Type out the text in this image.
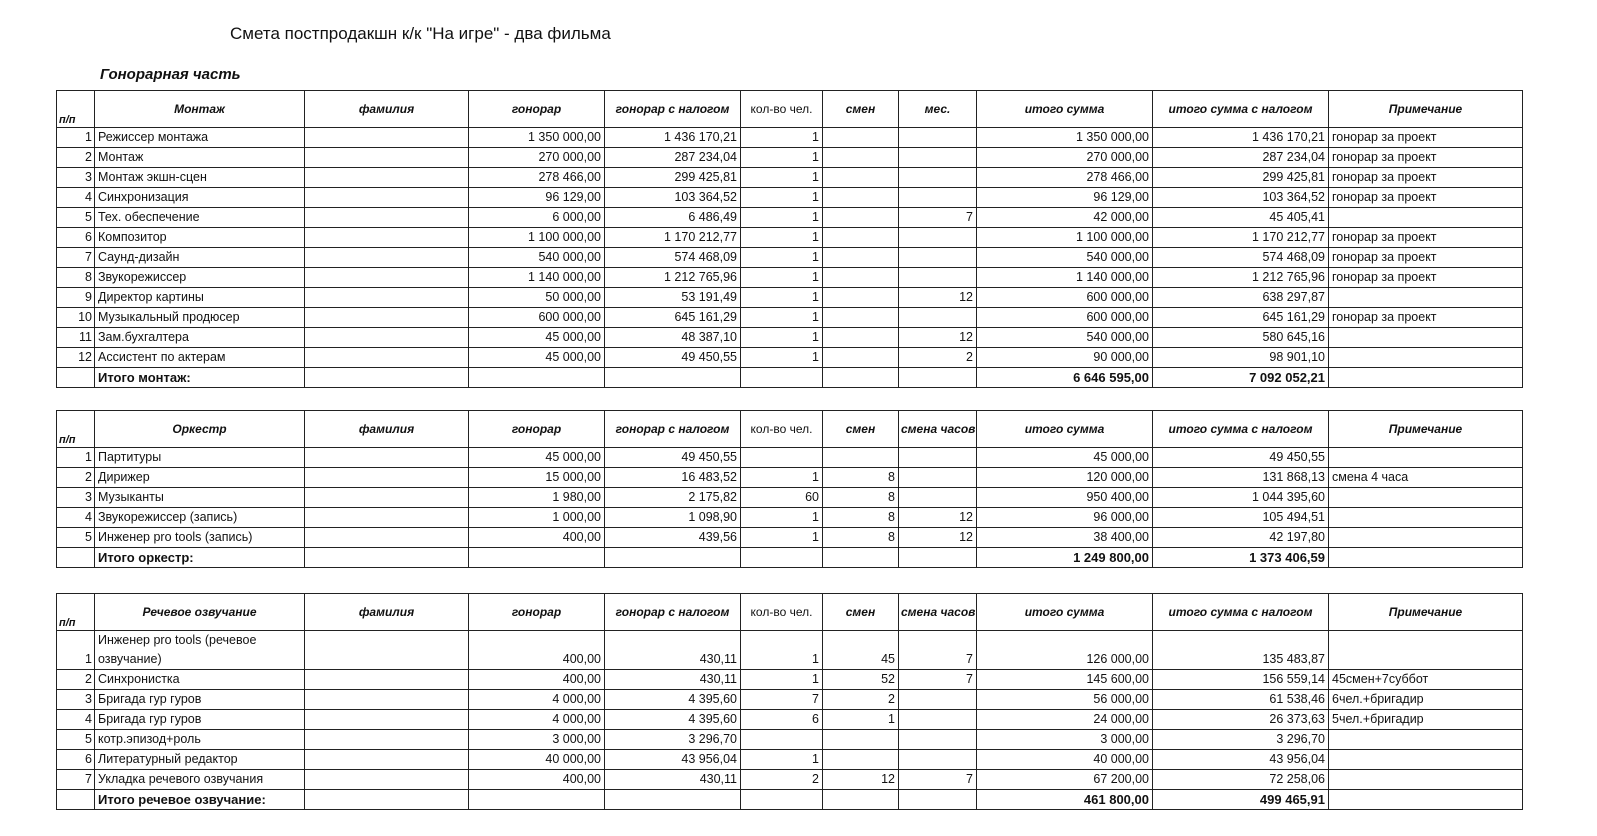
Смета постпродакшн к/к "На игре" - два фильма
Гонорарная часть
п/п	Монтаж	фамилия	гонорар	гонорар с налогом	кол-во чел.	смен	мес.	итого сумма	итого сумма с налогом	Примечание
1	Режиссер монтажа		1 350 000,00	1 436 170,21	1			1 350 000,00	1 436 170,21	гонорар за проект
2	Монтаж		270 000,00	287 234,04	1			270 000,00	287 234,04	гонорар за проект
3	Монтаж экшн-сцен		278 466,00	299 425,81	1			278 466,00	299 425,81	гонорар за проект
4	Синхронизация		96 129,00	103 364,52	1			96 129,00	103 364,52	гонорар за проект
5	Тех. обеспечение		6 000,00	6 486,49	1		7	42 000,00	45 405,41	
6	Композитор		1 100 000,00	1 170 212,77	1			1 100 000,00	1 170 212,77	гонорар за проект
7	Саунд-дизайн		540 000,00	574 468,09	1			540 000,00	574 468,09	гонорар за проект
8	Звукорежиссер		1 140 000,00	1 212 765,96	1			1 140 000,00	1 212 765,96	гонорар за проект
9	Директор картины		50 000,00	53 191,49	1		12	600 000,00	638 297,87	
10	Музыкальный продюсер		600 000,00	645 161,29	1			600 000,00	645 161,29	гонорар за проект
11	Зам.бухгалтера		45 000,00	48 387,10	1		12	540 000,00	580 645,16	
12	Ассистент по актерам		45 000,00	49 450,55	1		2	90 000,00	98 901,10	
	Итого монтаж:							6 646 595,00	7 092 052,21	
п/п	Оркестр	фамилия	гонорар	гонорар с налогом	кол-во чел.	смен	смена часов	итого сумма	итого сумма с налогом	Примечание
1	Партитуры		45 000,00	49 450,55				45 000,00	49 450,55	
2	Дирижер		15 000,00	16 483,52	1	8		120 000,00	131 868,13	смена 4 часа
3	Музыканты		1 980,00	2 175,82	60	8		950 400,00	1 044 395,60	
4	Звукорежиссер (запись)		1 000,00	1 098,90	1	8	12	96 000,00	105 494,51	
5	Инженер pro tools (запись)		400,00	439,56	1	8	12	38 400,00	42 197,80	
	Итого оркестр:							1 249 800,00	1 373 406,59	
п/п	Речевое озвучание	фамилия	гонорар	гонорар с налогом	кол-во чел.	смен	смена часов	итого сумма	итого сумма с налогом	Примечание
1	Инженер pro tools (речевое озвучание)		400,00	430,11	1	45	7	126 000,00	135 483,87	
2	Синхронистка		400,00	430,11	1	52	7	145 600,00	156 559,14	45смен+7суббот
3	Бригада гур гуров		4 000,00	4 395,60	7	2		56 000,00	61 538,46	6чел.+бригадир
4	Бригада гур гуров		4 000,00	4 395,60	6	1		24 000,00	26 373,63	5чел.+бригадир
5	котр.эпизод+роль		3 000,00	3 296,70				3 000,00	3 296,70	
6	Литературный редактор		40 000,00	43 956,04	1			40 000,00	43 956,04	
7	Укладка речевого озвучания		400,00	430,11	2	12	7	67 200,00	72 258,06	
	Итого речевое озвучание:							461 800,00	499 465,91	
